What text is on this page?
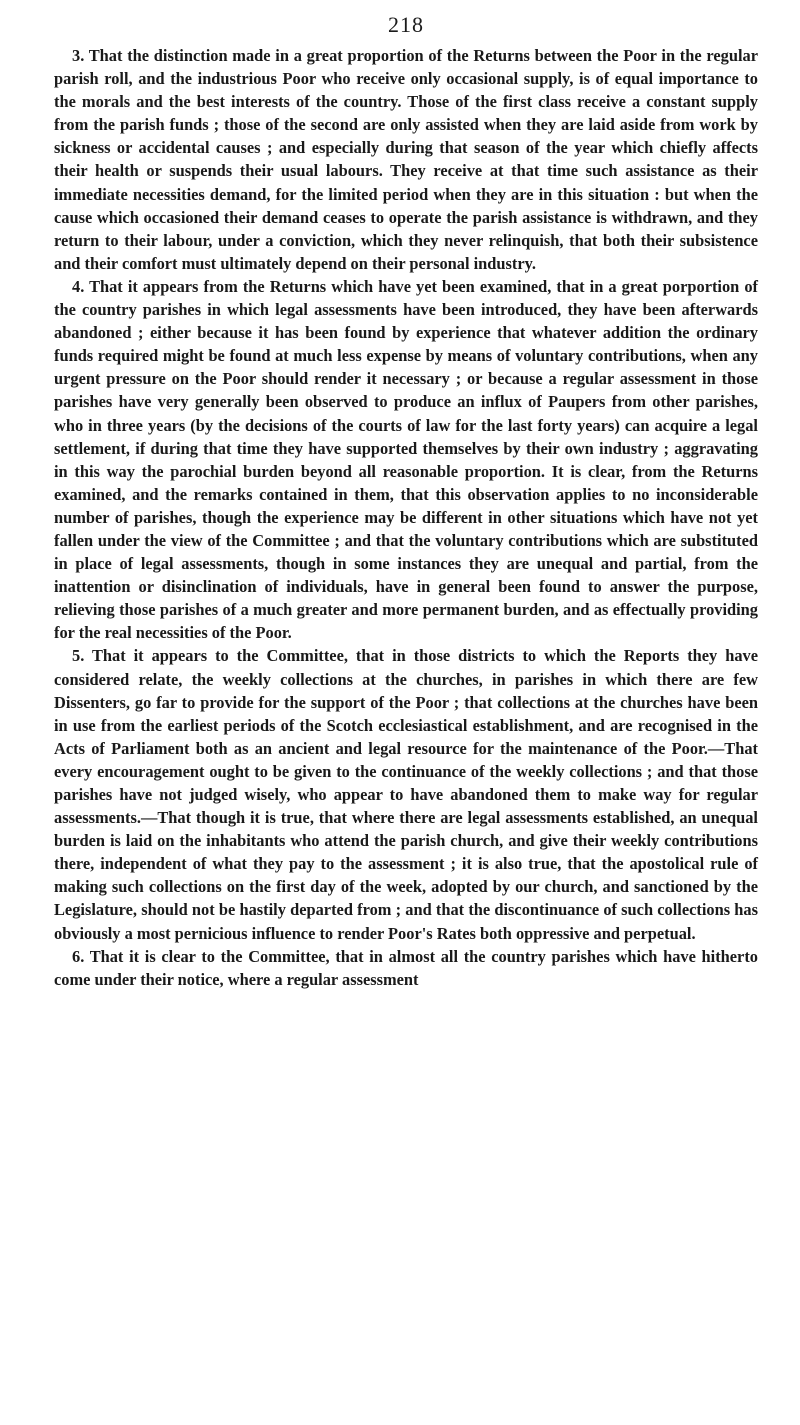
218

3. That the distinction made in a great proportion of the Returns between the Poor in the regular parish roll, and the industrious Poor who receive only occasional supply, is of equal importance to the morals and the best interests of the country. Those of the first class receive a constant supply from the parish funds ; those of the second are only assisted when they are laid aside from work by sickness or accidental causes ; and especially during that season of the year which chiefly affects their health or suspends their usual labours. They receive at that time such assistance as their immediate necessities demand, for the limited period when they are in this situation : but when the cause which occasioned their demand ceases to operate the parish assistance is withdrawn, and they return to their labour, under a conviction, which they never relinquish, that both their subsistence and their comfort must ultimately depend on their personal industry.

4. That it appears from the Returns which have yet been examined, that in a great porportion of the country parishes in which legal assessments have been introduced, they have been afterwards abandoned ; either because it has been found by experience that whatever addition the ordinary funds required might be found at much less expense by means of voluntary contributions, when any urgent pressure on the Poor should render it necessary ; or because a regular assessment in those parishes have very generally been observed to produce an influx of Paupers from other parishes, who in three years (by the decisions of the courts of law for the last forty years) can acquire a legal settlement, if during that time they have supported themselves by their own industry ; aggravating in this way the parochial burden beyond all reasonable proportion. It is clear, from the Returns examined, and the remarks contained in them, that this observation applies to no inconsiderable number of parishes, though the experience may be different in other situations which have not yet fallen under the view of the Committee ; and that the voluntary contributions which are substituted in place of legal assessments, though in some instances they are unequal and partial, from the inattention or disinclination of individuals, have in general been found to answer the purpose, relieving those parishes of a much greater and more permanent burden, and as effectually providing for the real necessities of the Poor.

5. That it appears to the Committee, that in those districts to which the Reports they have considered relate, the weekly collections at the churches, in parishes in which there are few Dissenters, go far to provide for the support of the Poor ; that collections at the churches have been in use from the earliest periods of the Scotch ecclesiastical establishment, and are recognised in the Acts of Parliament both as an ancient and legal resource for the maintenance of the Poor.—That every encouragement ought to be given to the continuance of the weekly collections ; and that those parishes have not judged wisely, who appear to have abandoned them to make way for regular assessments.—That though it is true, that where there are legal assessments established, an unequal burden is laid on the inhabitants who attend the parish church, and give their weekly contributions there, independent of what they pay to the assessment ; it is also true, that the apostolical rule of making such collections on the first day of the week, adopted by our church, and sanctioned by the Legislature, should not be hastily departed from ; and that the discontinuance of such collections has obviously a most pernicious influence to render Poor's Rates both oppressive and perpetual.

6. That it is clear to the Committee, that in almost all the country parishes which have hitherto come under their notice, where a regular assessment
